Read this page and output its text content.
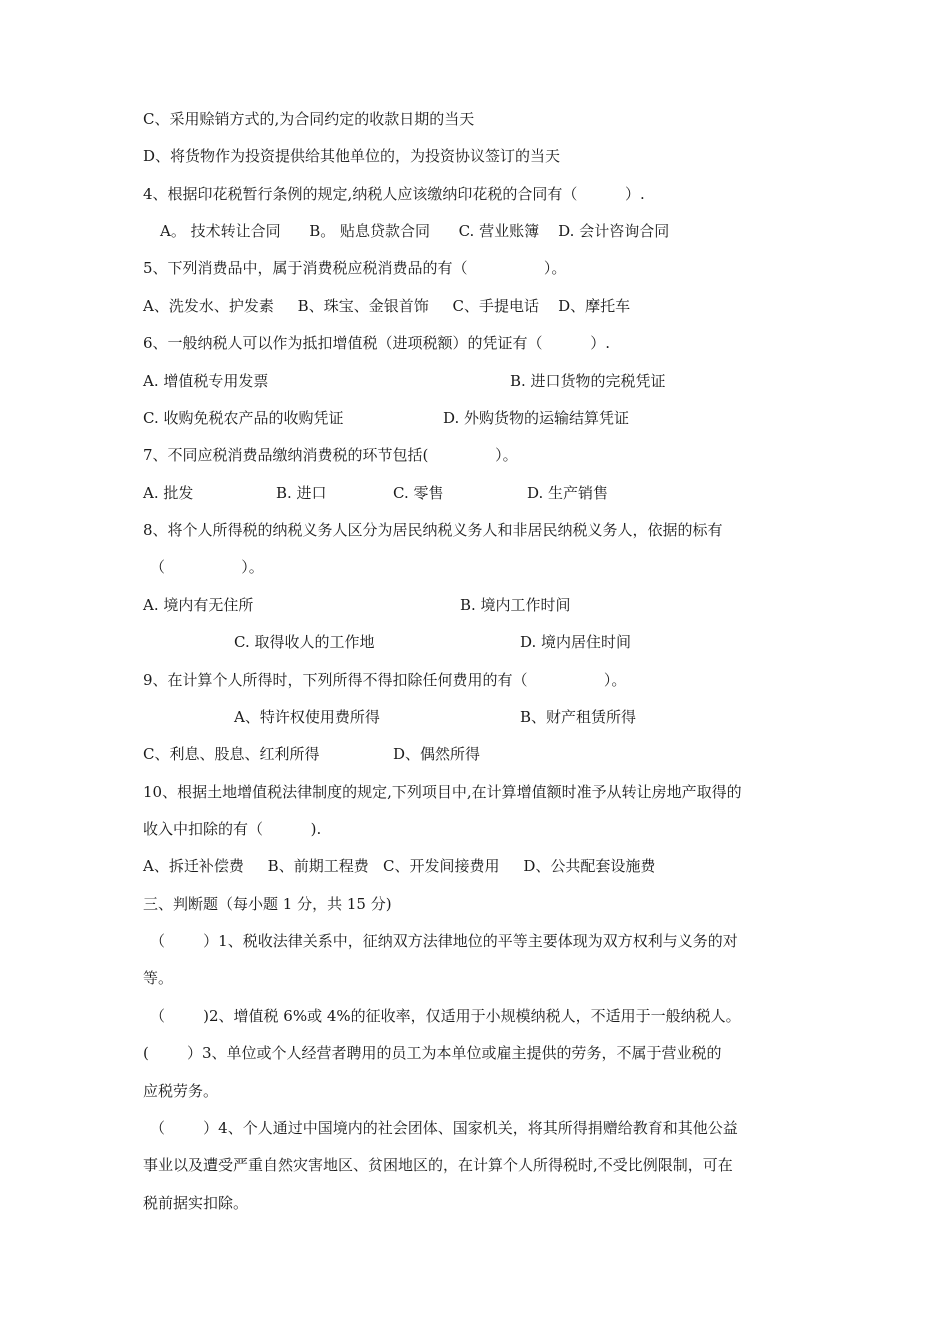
C、采用赊销方式的,为合同约定的收款日期的当天
D、将货物作为投资提供给其他单位的，为投资协议签订的当天
4、根据印花税暂行条例的规定,纳税人应该缴纳印花税的合同有（          ）.
A。 技术转让合同      B。 贴息贷款合同      C. 营业账簿    D. 会计咨询合同
5、下列消费品中，属于消费税应税消费品的有（                ）。
A、洗发水、护发素     B、珠宝、金银首饰     C、手提电话    D、摩托车
6、一般纳税人可以作为抵扣增值税（进项税额）的凭证有（          ）.
A. 增值税专用发票	B. 进口货物的完税凭证
C. 收购免税农产品的收购凭证	D. 外购货物的运输结算凭证
7、不同应税消费品缴纳消费税的环节包括(              ）。
A. 批发	B. 进口	C. 零售	D. 生产销售
8、将个人所得税的纳税义务人区分为居民纳税义务人和非居民纳税义务人，依据的标有
（                ）。
A. 境内有无住所	B. 境内工作时间
C. 取得收人的工作地	D. 境内居住时间
9、在计算个人所得时，下列所得不得扣除任何费用的有（                ）。
A、特许权使用费所得	B、财产租赁所得
C、利息、股息、红利所得	D、偶然所得
10、根据土地增值税法律制度的规定,下列项目中,在计算增值额时准予从转让房地产取得的
收入中扣除的有（          ).
A、拆迁补偿费     B、前期工程费   C、开发间接费用     D、公共配套设施费
三、判断题（每小题 1 分，共 15 分)
（        ）1、税收法律关系中，征纳双方法律地位的平等主要体现为双方权利与义务的对
等。
（        )2、增值税 6%或 4%的征收率，仅适用于小规模纳税人，不适用于一般纳税人。
(        ）3、单位或个人经营者聘用的员工为本单位或雇主提供的劳务，不属于营业税的
应税劳务。
（        ）4、个人通过中国境内的社会团体、国家机关，将其所得捐赠给教育和其他公益
事业以及遭受严重自然灾害地区、贫困地区的，在计算个人所得税时,不受比例限制，可在
税前据实扣除。
